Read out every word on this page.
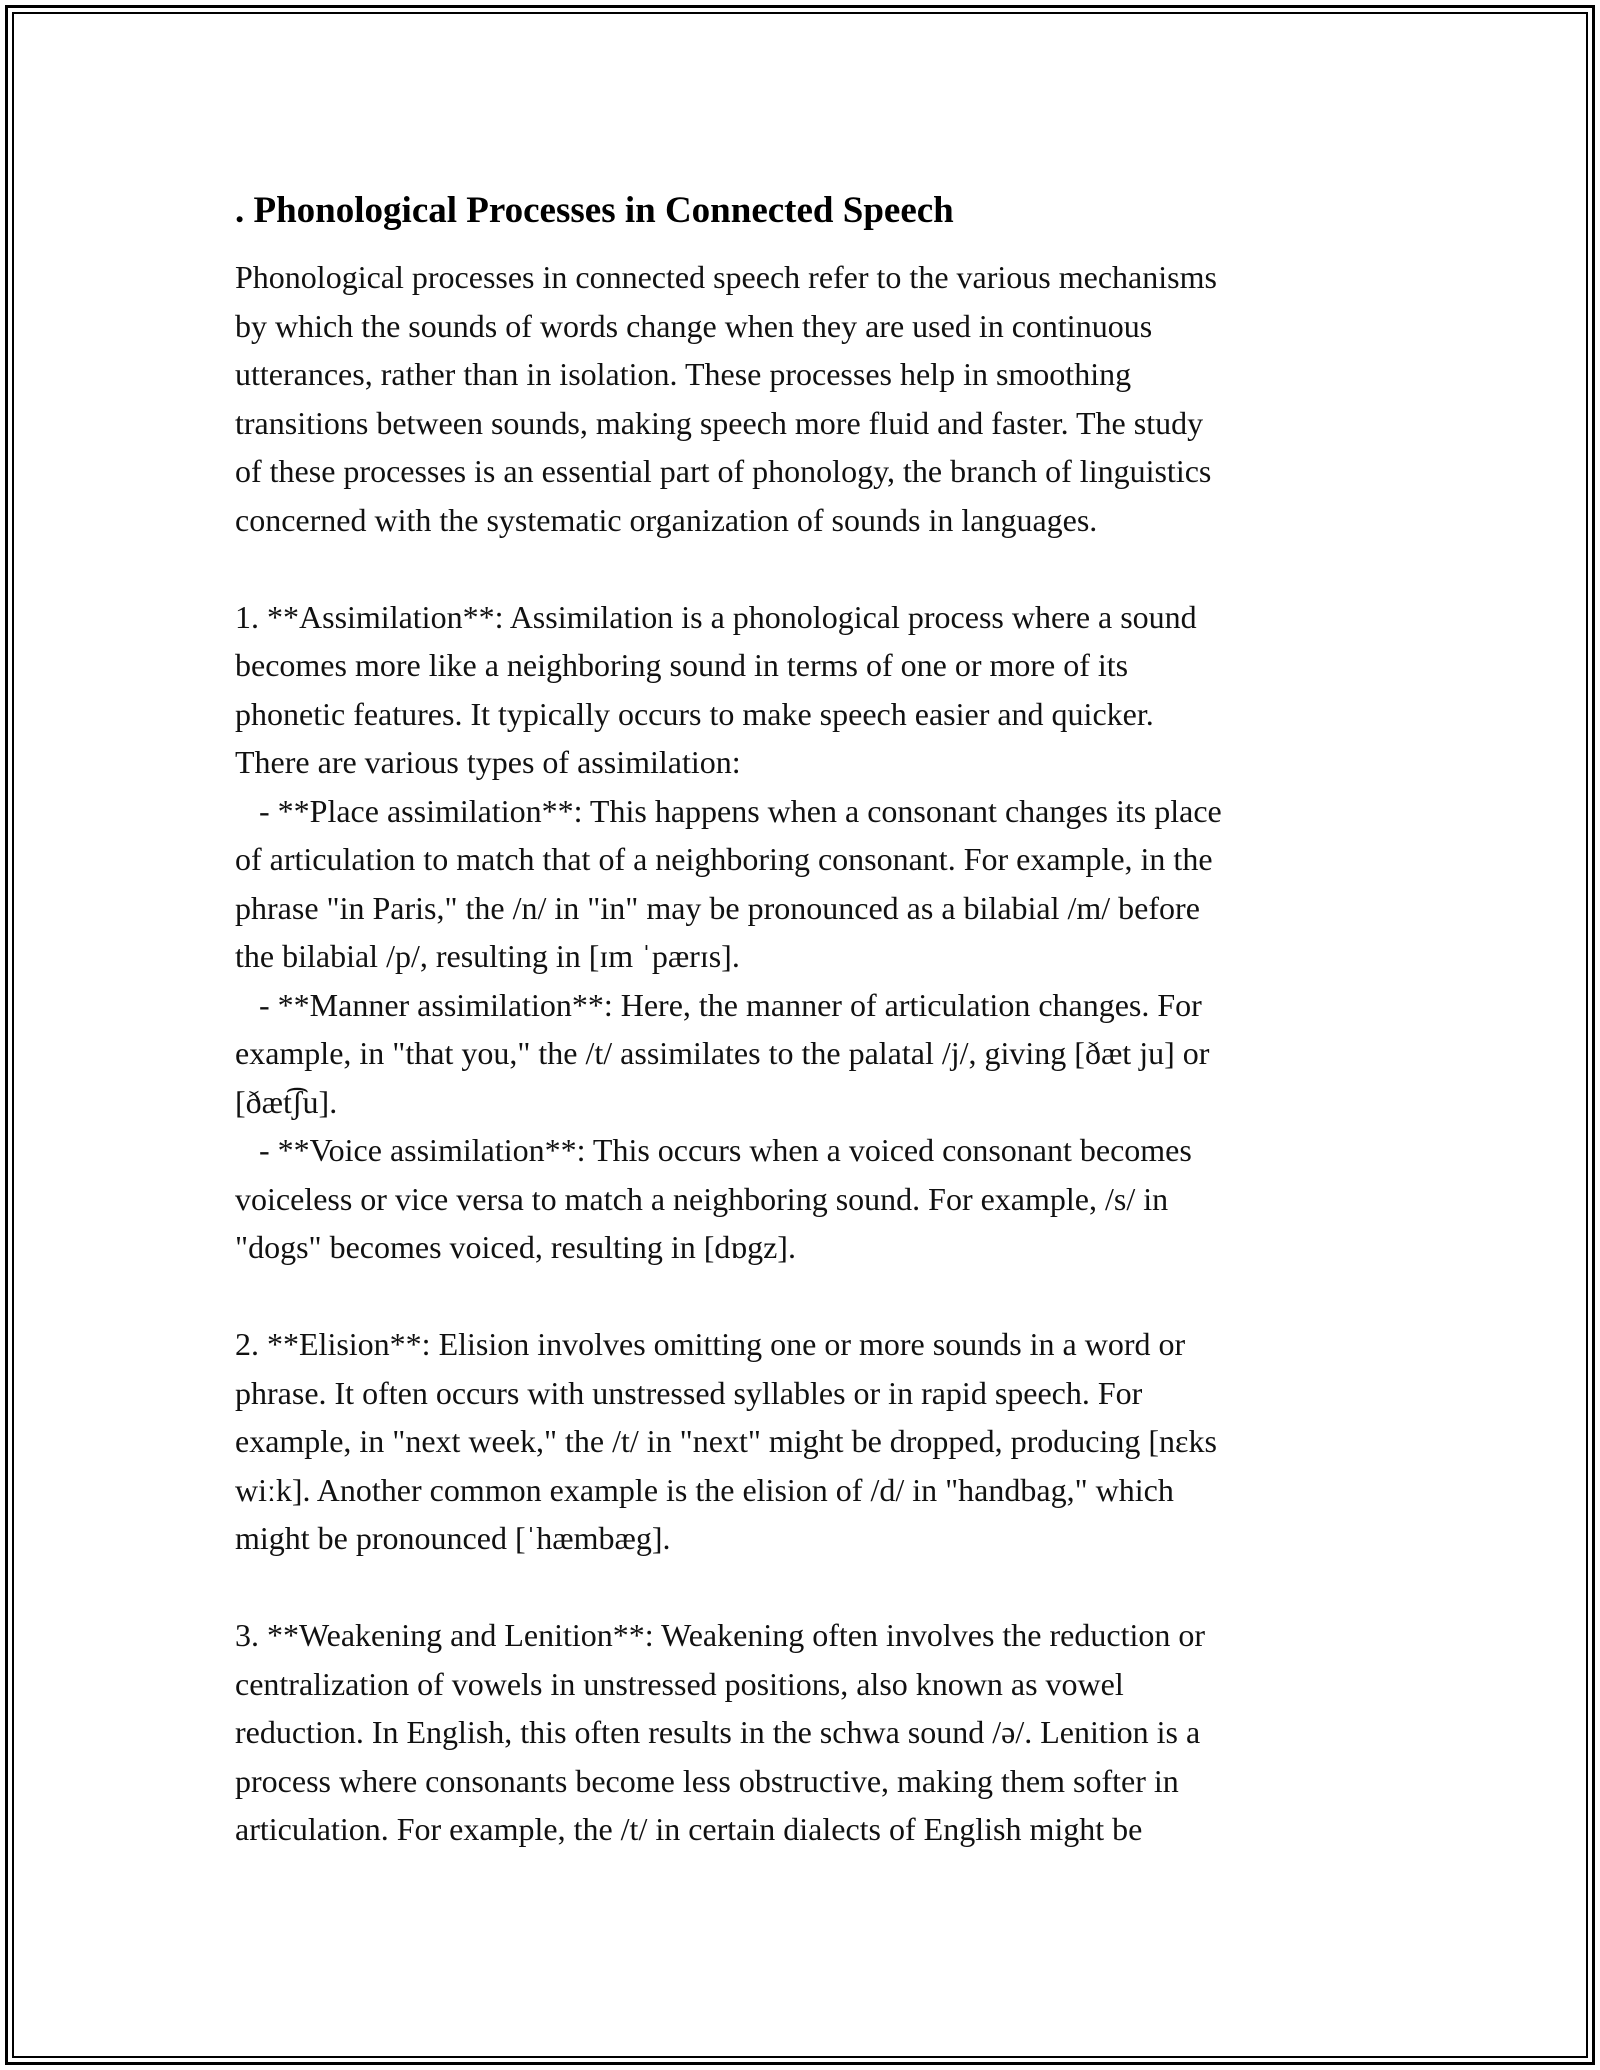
. Phonological Processes in Connected Speech
Phonological processes in connected speech refer to the various mechanisms
by which the sounds of words change when they are used in continuous
utterances, rather than in isolation. These processes help in smoothing
transitions between sounds, making speech more fluid and faster. The study
of these processes is an essential part of phonology, the branch of linguistics
concerned with the systematic organization of sounds in languages.
1. **Assimilation**: Assimilation is a phonological process where a sound
becomes more like a neighboring sound in terms of one or more of its
phonetic features. It typically occurs to make speech easier and quicker.
There are various types of assimilation:
- **Place assimilation**: This happens when a consonant changes its place
of articulation to match that of a neighboring consonant. For example, in the
phrase "in Paris," the /n/ in "in" may be pronounced as a bilabial /m/ before
the bilabial /p/, resulting in [ɪm ˈpærɪs].
- **Manner assimilation**: Here, the manner of articulation changes. For
example, in "that you," the /t/ assimilates to the palatal /j/, giving [ðæt ju] or
[ðæt͡ʃu].
- **Voice assimilation**: This occurs when a voiced consonant becomes
voiceless or vice versa to match a neighboring sound. For example, /s/ in
"dogs" becomes voiced, resulting in [dɒgz].
2. **Elision**: Elision involves omitting one or more sounds in a word or
phrase. It often occurs with unstressed syllables or in rapid speech. For
example, in "next week," the /t/ in "next" might be dropped, producing [nɛks
wiːk]. Another common example is the elision of /d/ in "handbag," which
might be pronounced [ˈhæmbæg].
3. **Weakening and Lenition**: Weakening often involves the reduction or
centralization of vowels in unstressed positions, also known as vowel
reduction. In English, this often results in the schwa sound /ə/. Lenition is a
process where consonants become less obstructive, making them softer in
articulation. For example, the /t/ in certain dialects of English might be
